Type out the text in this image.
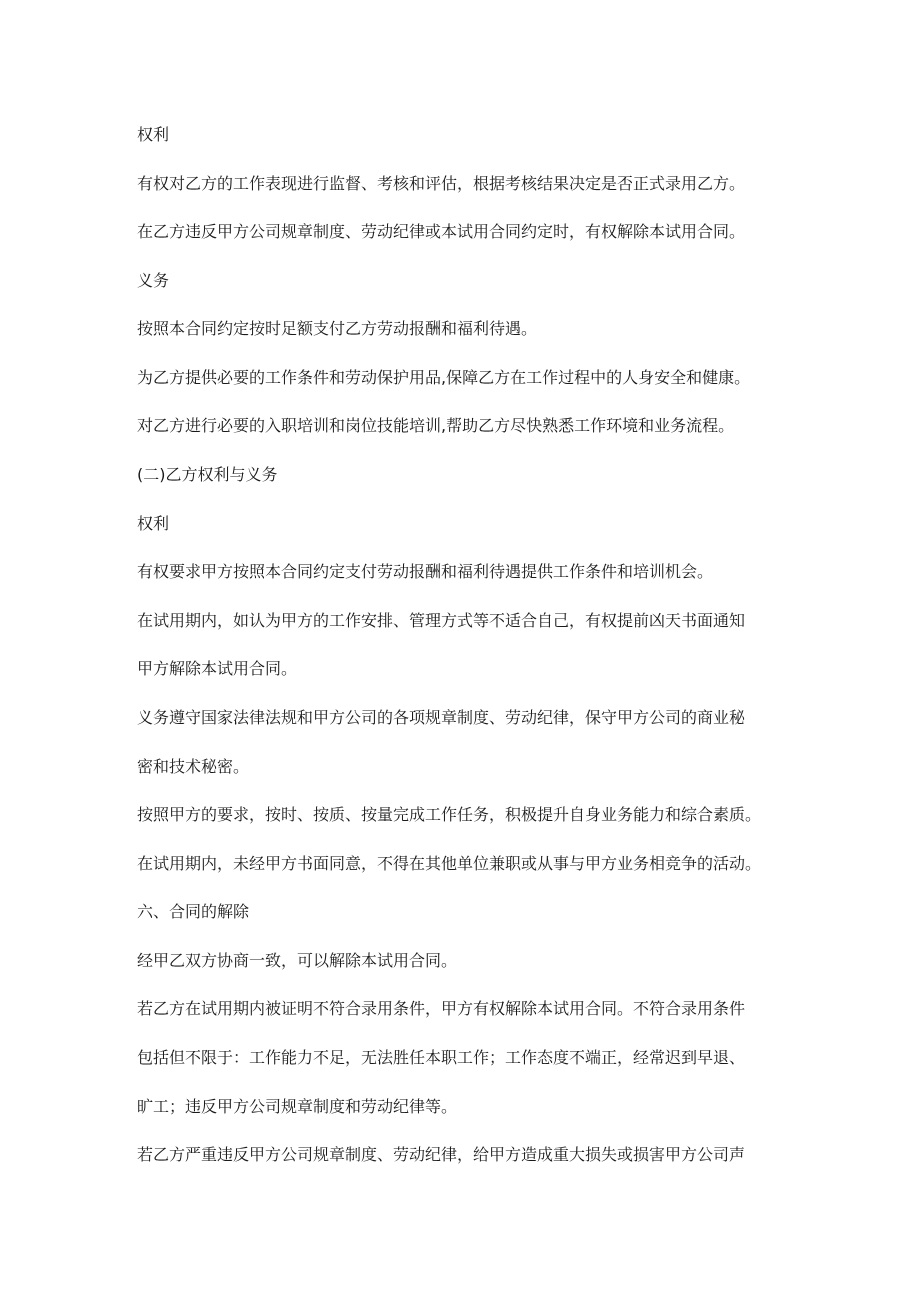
权利

有权对乙方的工作表现进行监督、考核和评估，根据考核结果决定是否正式录用乙方。

在乙方违反甲方公司规章制度、劳动纪律或本试用合同约定时，有权解除本试用合同。

义务

按照本合同约定按时足额支付乙方劳动报酬和福利待遇。

为乙方提供必要的工作条件和劳动保护用品,保障乙方在工作过程中的人身安全和健康。

对乙方进行必要的入职培训和岗位技能培训,帮助乙方尽快熟悉工作环境和业务流程。

(二)乙方权利与义务

权利

有权要求甲方按照本合同约定支付劳动报酬和福利待遇提供工作条件和培训机会。

在试用期内，如认为甲方的工作安排、管理方式等不适合自己，有权提前凶天书面通知

甲方解除本试用合同。

义务遵守国家法律法规和甲方公司的各项规章制度、劳动纪律，保守甲方公司的商业秘

密和技术秘密。

按照甲方的要求，按时、按质、按量完成工作任务，积极提升自身业务能力和综合素质。

在试用期内，未经甲方书面同意，不得在其他单位兼职或从事与甲方业务相竞争的活动。

六、合同的解除

经甲乙双方协商一致，可以解除本试用合同。

若乙方在试用期内被证明不符合录用条件，甲方有权解除本试用合同。不符合录用条件

包括但不限于：工作能力不足，无法胜任本职工作；工作态度不端正，经常迟到早退、

旷工；违反甲方公司规章制度和劳动纪律等。

若乙方严重违反甲方公司规章制度、劳动纪律，给甲方造成重大损失或损害甲方公司声
